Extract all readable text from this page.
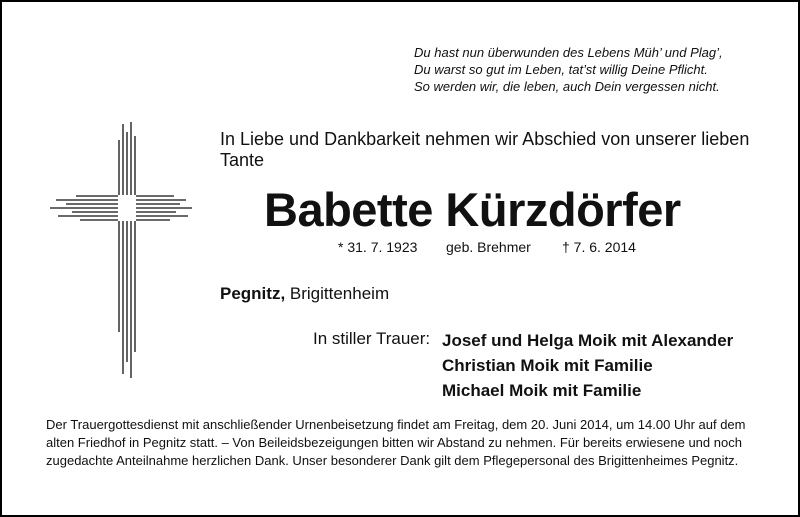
Du hast nun überwunden des Lebens Müh’ und Plag’,
Du warst so gut im Leben, tat’st willig Deine Pflicht.
So werden wir, die leben, auch Dein vergessen nicht.
In Liebe und Dankbarkeit nehmen wir Abschied von unserer lieben Tante
Babette Kürzdörfer
* 31. 7. 1923 geb. Brehmer † 7. 6. 2014
Pegnitz, Brigittenheim
In stiller Trauer: Josef und Helga Moik mit Alexander
Christian Moik mit Familie
Michael Moik mit Familie
Der Trauergottesdienst mit anschließender Urnenbeisetzung findet am Freitag, dem 20. Juni 2014, um 14.00 Uhr auf dem alten Friedhof in Pegnitz statt. – Von Beileidsbezeigungen bitten wir Abstand zu nehmen. Für bereits erwiesene und noch zugedachte Anteilnahme herzlichen Dank. Unser besonderer Dank gilt dem Pflegepersonal des Brigittenheimes Pegnitz.
